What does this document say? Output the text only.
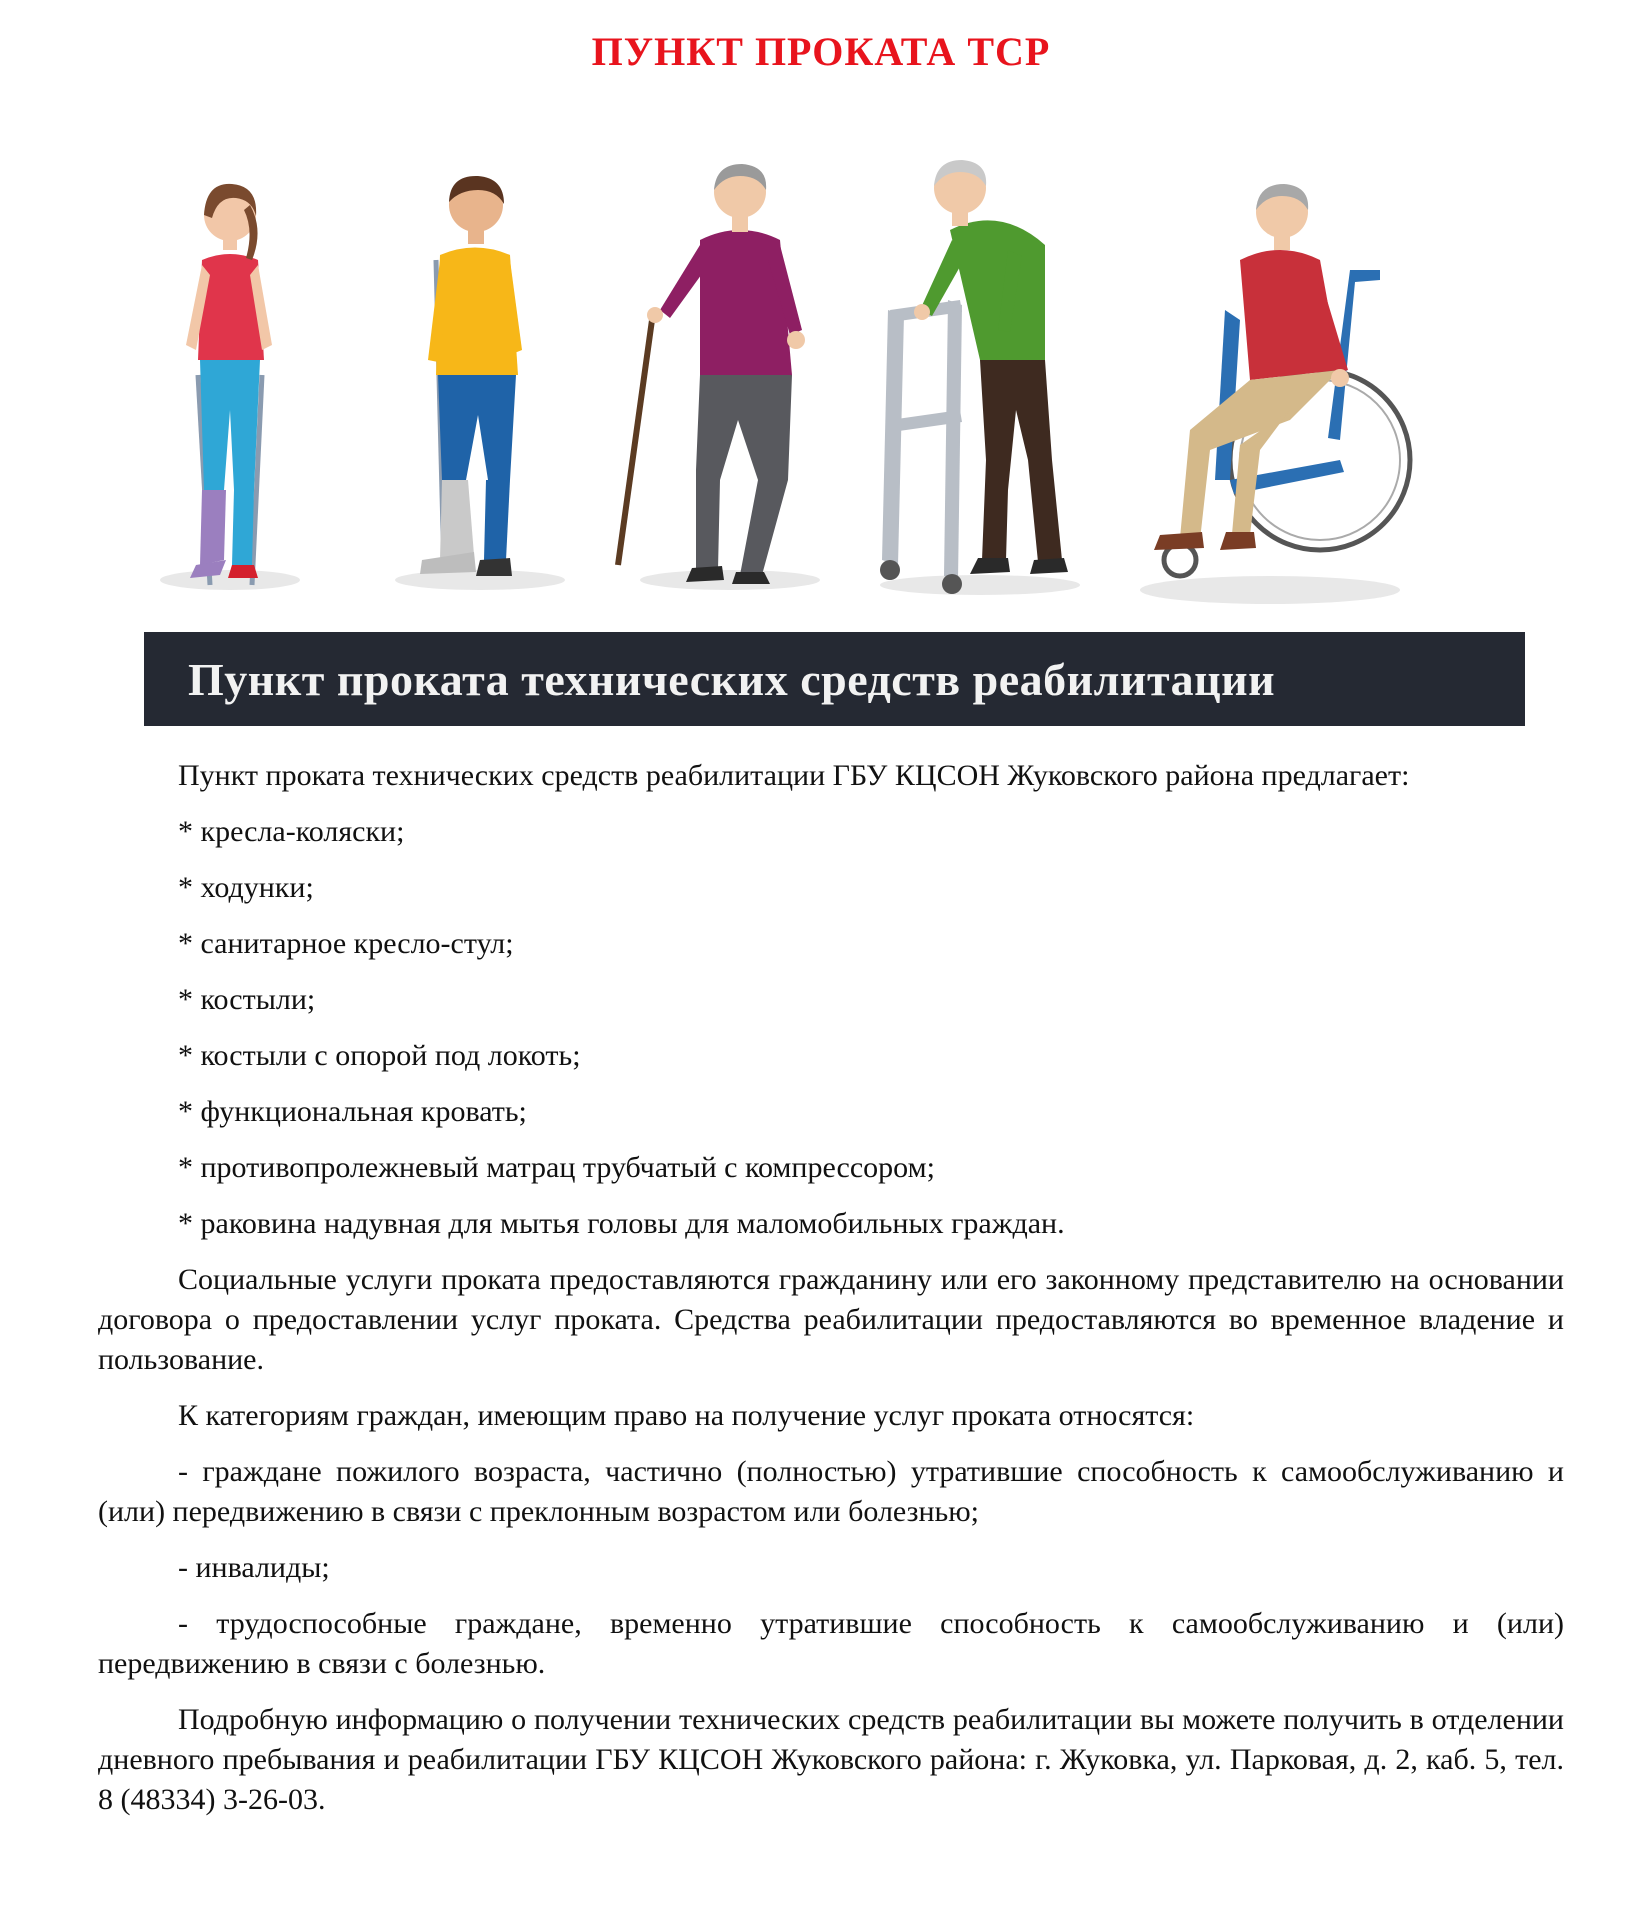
ПУНКТ ПРОКАТА ТСР
Пункт проката технических средств реабилитации

Пункт проката технических средств реабилитации ГБУ КЦСОН Жуковского района предлагает:

* кресла-коляски;

* ходунки;

* санитарное кресло-стул;

* костыли;

* костыли с опорой под локоть;

* функциональная кровать;

* противопролежневый матрац трубчатый с компрессором;

* раковина надувная для мытья головы для маломобильных граждан.

Социальные услуги проката предоставляются гражданину или его законному представителю на основании договора о предоставлении услуг проката. Средства реабилитации предоставляются во временное владение и пользование.

К категориям граждан, имеющим право на получение услуг проката относятся:

- граждане пожилого возраста, частично (полностью) утратившие способность к самообслуживанию и (или) передвижению в связи с преклонным возрастом или болезнью;

- инвалиды;

- трудоспособные граждане, временно утратившие способность к самообслуживанию и (или) передвижению в связи с болезнью.

Подробную информацию о получении технических средств реабилитации вы можете получить в отделении дневного пребывания и реабилитации ГБУ КЦСОН Жуковского района: г. Жуковка, ул. Парковая, д. 2, каб. 5, тел. 8 (48334) 3-26-03.
